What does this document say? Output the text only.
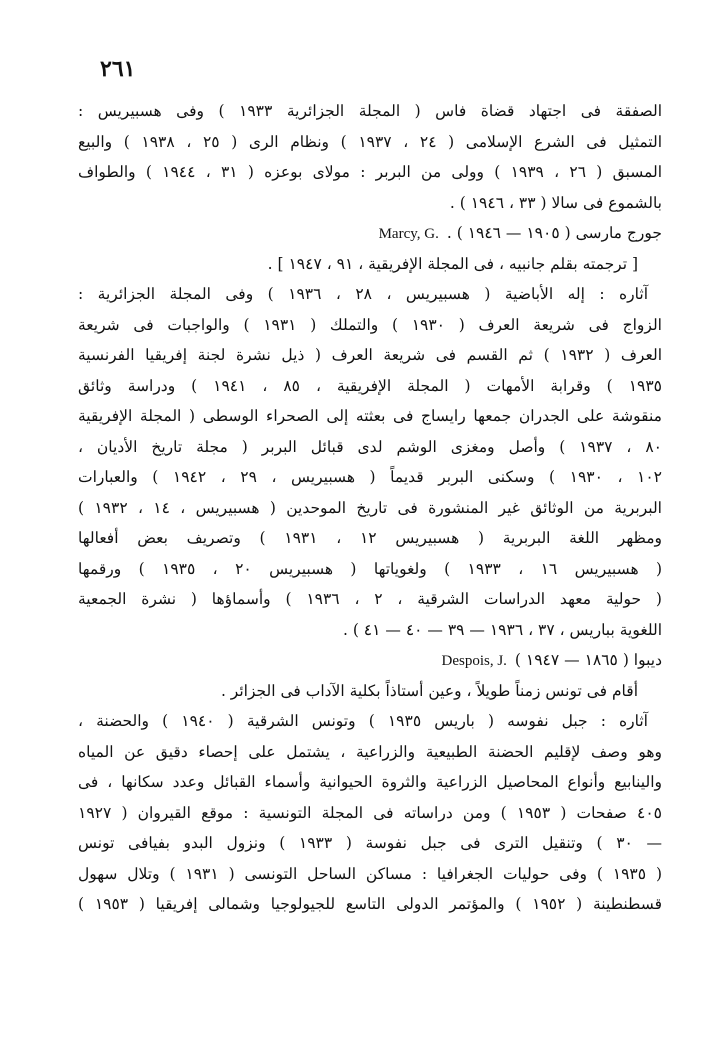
٢٦١
الصفقة فى اجتهاد قضاة فاس ( المجلة الجزائرية ١٩٣٣ ) وفى هسبيريس :
التمثيل فى الشرع الإسلامى ( ٢٤ ، ١٩٣٧ ) ونظام الرى ( ٢٥ ، ١٩٣٨ ) والبيع
المسبق ( ٢٦ ، ١٩٣٩ ) وولى من البربر : مولاى بوعزه ( ٣١ ، ١٩٤٤ ) والطواف
بالشموع فى سالا ( ٣٣ ، ١٩٤٦ ) .
جورج مارسى ( ١٩٠٥ — ١٩٤٦ ) .Marcy, G.
[ ترجمته بقلم جانبيه ، فى المجلة الإفريقية ، ٩١ ، ١٩٤٧ ] .
آثاره : إله الأباضية ( هسبيريس ، ٢٨ ، ١٩٣٦ ) وفى المجلة الجزائرية :
الزواج فى شريعة العرف ( ١٩٣٠ ) والتملك ( ١٩٣١ ) والواجبات فى شريعة
العرف ( ١٩٣٢ ) ثم القسم فى شريعة العرف ( ذيل نشرة لجنة إفريقيا الفرنسية
١٩٣٥ ) وقرابة الأمهات ( المجلة الإفريقية ، ٨٥ ، ١٩٤١ ) ودراسة وثائق
منقوشة على الجدران جمعها رايساج فى بعثته إلى الصحراء الوسطى ( المجلة الإفريقية
٨٠ ، ١٩٣٧ ) وأصل ومغزى الوشم لدى قبائل البربر ( مجلة تاريخ الأديان ،
١٠٢ ، ١٩٣٠ ) وسكنى البربر قديماً ( هسبيريس ، ٢٩ ، ١٩٤٢ ) والعبارات
البربرية من الوثائق غير المنشورة فى تاريخ الموحدين ( هسبيريس ، ١٤ ، ١٩٣٢ )
ومظهر اللغة البربرية ( هسبيريس ١٢ ، ١٩٣١ ) وتصريف بعض أفعالها
( هسبيريس ١٦ ، ١٩٣٣ ) ولغوياتها ( هسبيريس ٢٠ ، ١٩٣٥ ) ورقمها
( حولية معهد الدراسات الشرقية ، ٢ ، ١٩٣٦ ) وأسماؤها ( نشرة الجمعية
اللغوية بباريس ، ٣٧ ، ١٩٣٦ — ٣٩ — ٤٠ — ٤١ ) .
ديبوا ( ١٨٦٥ — ١٩٤٧ )Despois, J.
أقام فى تونس زمناً طويلاً ، وعين أستاذاً بكلية الآداب فى الجزائر .
آثاره : جبل نفوسه ( باريس ١٩٣٥ ) وتونس الشرقية ( ١٩٤٠ ) والحضنة ،
وهو وصف لإقليم الحضنة الطبيعية والزراعية ، يشتمل على إحصاء دقيق عن المياه
والينابيع وأنواع المحاصيل الزراعية والثروة الحيوانية وأسماء القبائل وعدد سكانها ، فى
٤٠٥ صفحات ( ١٩٥٣ ) ومن دراساته فى المجلة التونسية : موقع القيروان ( ١٩٢٧
— ٣٠ ) وتنقيل الترى فى جبل نفوسة ( ١٩٣٣ ) ونزول البدو بفيافى تونس
( ١٩٣٥ ) وفى حوليات الجغرافيا : مساكن الساحل التونسى ( ١٩٣١ ) وتلال سهول
قسطنطينة ( ١٩٥٢ ) والمؤتمر الدولى التاسع للجيولوجيا وشمالى إفريقيا ( ١٩٥٣ )
